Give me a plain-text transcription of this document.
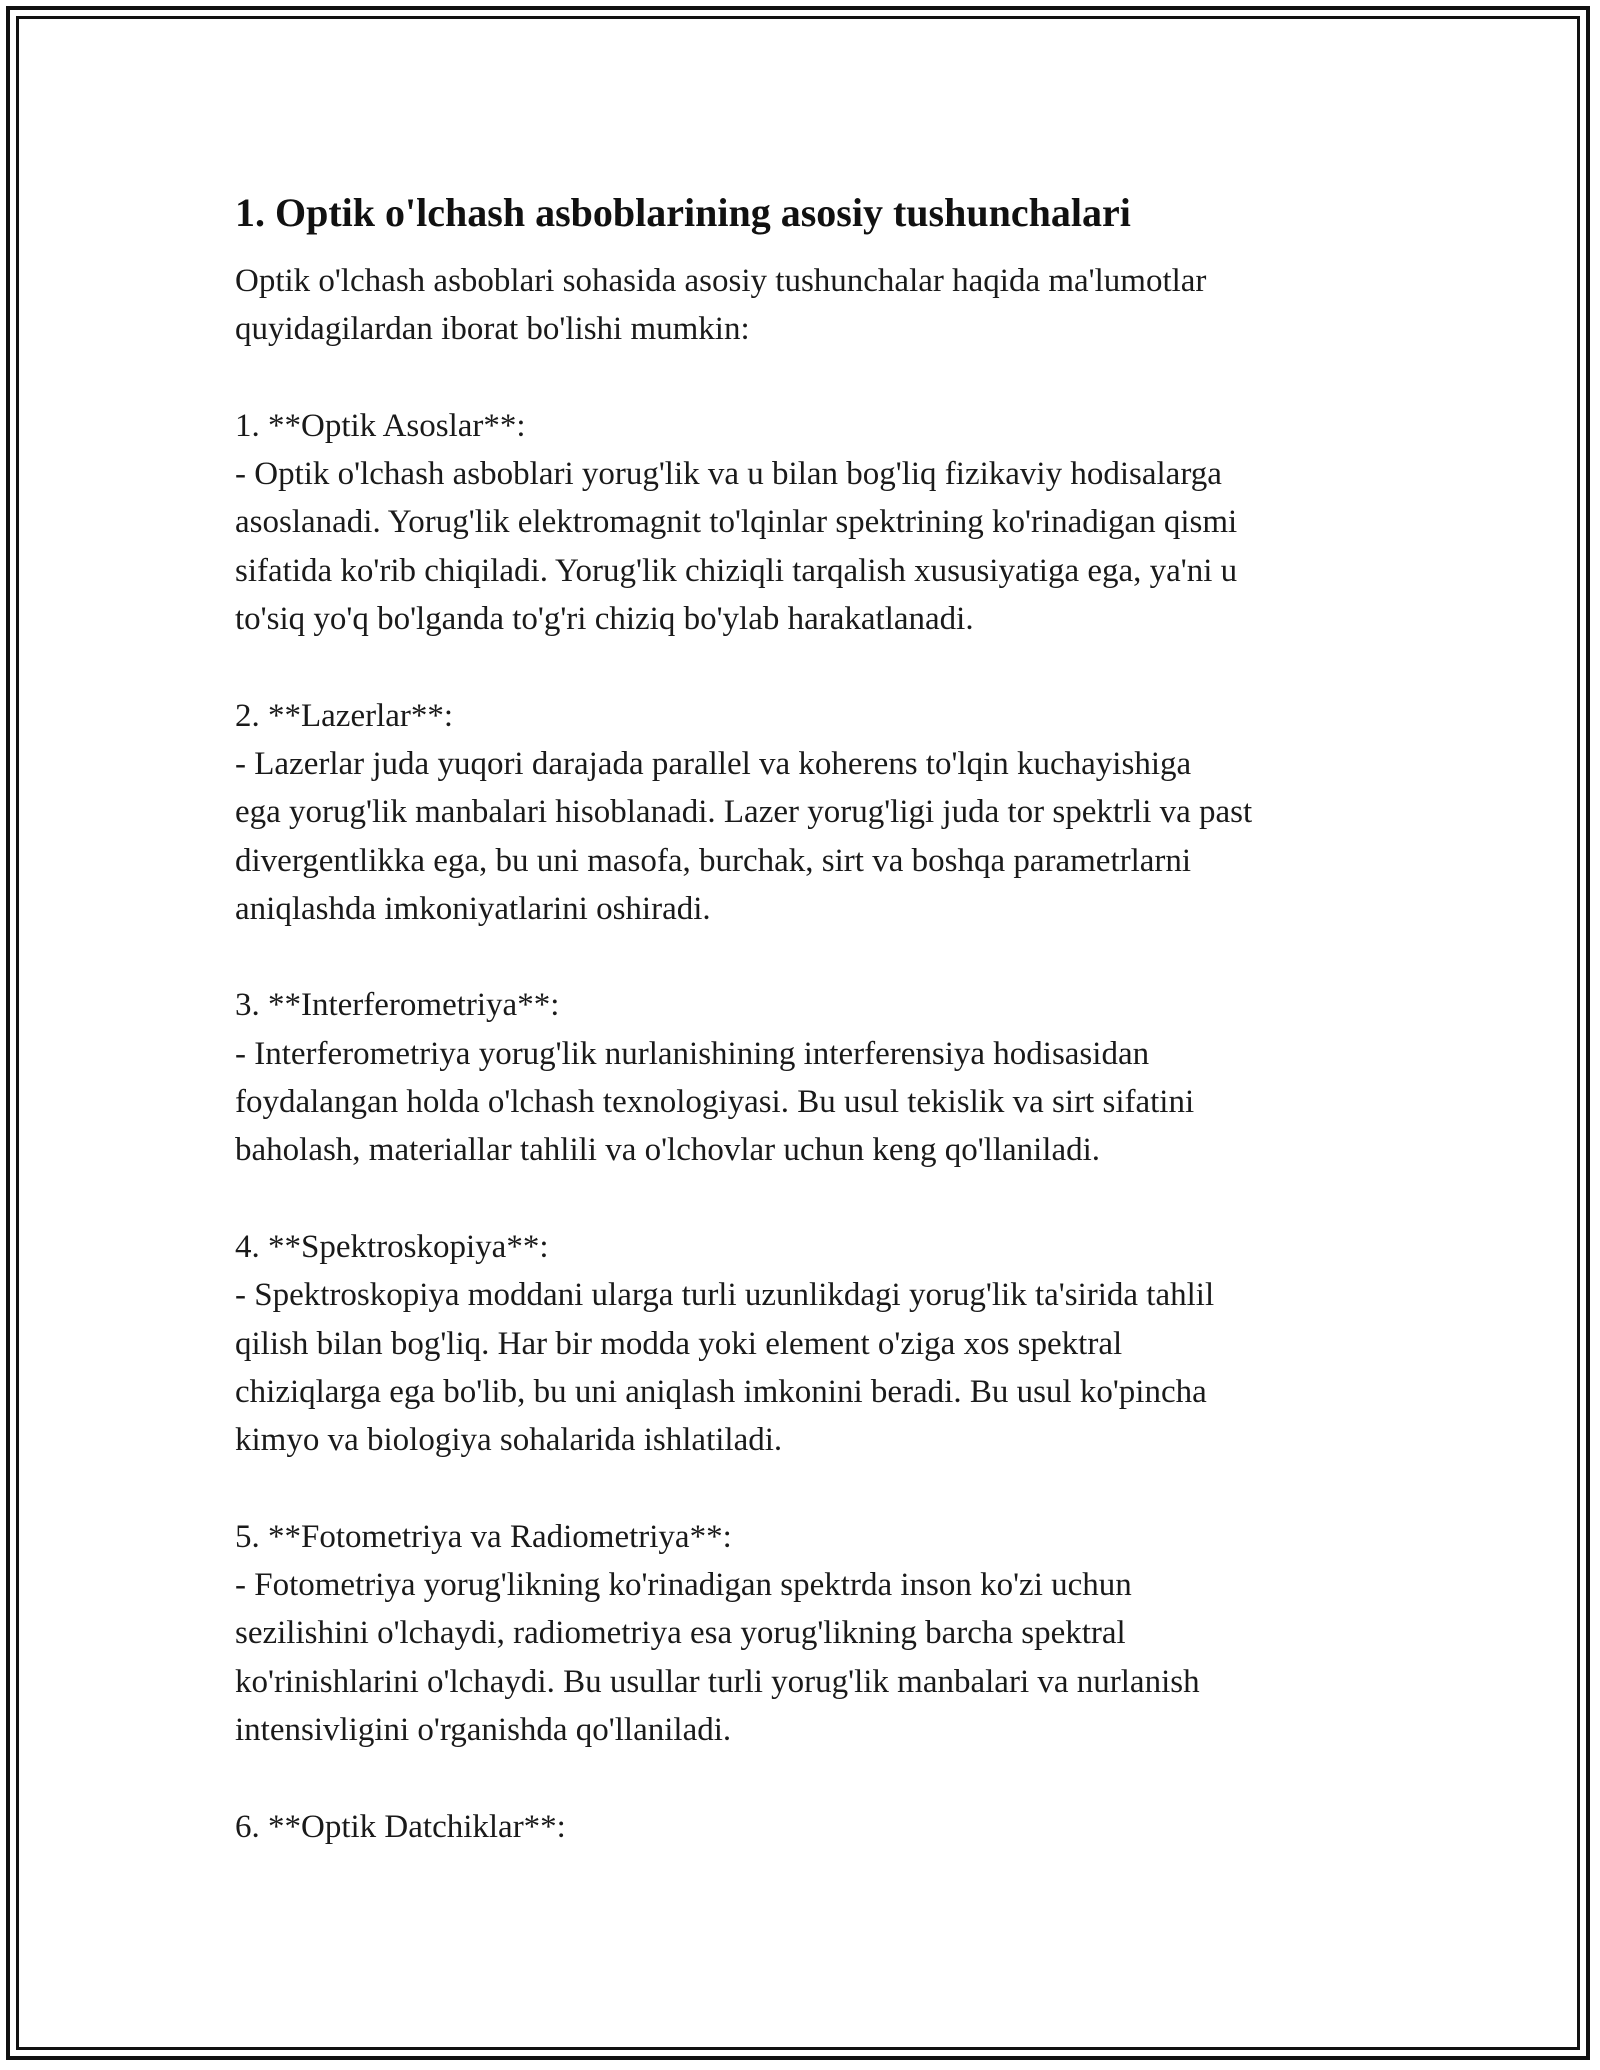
1. Optik o'lchash asboblarining asosiy tushunchalari

Optik o'lchash asboblari sohasida asosiy tushunchalar haqida ma'lumotlar
quyidagilardan iborat bo'lishi mumkin:

1. **Optik Asoslar**:

- Optik o'lchash asboblari yorug'lik va u bilan bog'liq fizikaviy hodisalarga
asoslanadi. Yorug'lik elektromagnit to'lqinlar spektrining ko'rinadigan qismi
sifatida ko'rib chiqiladi. Yorug'lik chiziqli tarqalish xususiyatiga ega, ya'ni u
to'siq yo'q bo'lganda to'g'ri chiziq bo'ylab harakatlanadi.

2. **Lazerlar**:

- Lazerlar juda yuqori darajada parallel va koherens to'lqin kuchayishiga
ega yorug'lik manbalari hisoblanadi. Lazer yorug'ligi juda tor spektrli va past
divergentlikka ega, bu uni masofa, burchak, sirt va boshqa parametrlarni
aniqlashda imkoniyatlarini oshiradi.

3. **Interferometriya**:

- Interferometriya yorug'lik nurlanishining interferensiya hodisasidan
foydalangan holda o'lchash texnologiyasi. Bu usul tekislik va sirt sifatini
baholash, materiallar tahlili va o'lchovlar uchun keng qo'llaniladi.

4. **Spektroskopiya**:

- Spektroskopiya moddani ularga turli uzunlikdagi yorug'lik ta'sirida tahlil
qilish bilan bog'liq. Har bir modda yoki element o'ziga xos spektral
chiziqlarga ega bo'lib, bu uni aniqlash imkonini beradi. Bu usul ko'pincha
kimyo va biologiya sohalarida ishlatiladi.

5. **Fotometriya va Radiometriya**:

- Fotometriya yorug'likning ko'rinadigan spektrda inson ko'zi uchun
sezilishini o'lchaydi, radiometriya esa yorug'likning barcha spektral
ko'rinishlarini o'lchaydi. Bu usullar turli yorug'lik manbalari va nurlanish
intensivligini o'rganishda qo'llaniladi.

6. **Optik Datchiklar**:
